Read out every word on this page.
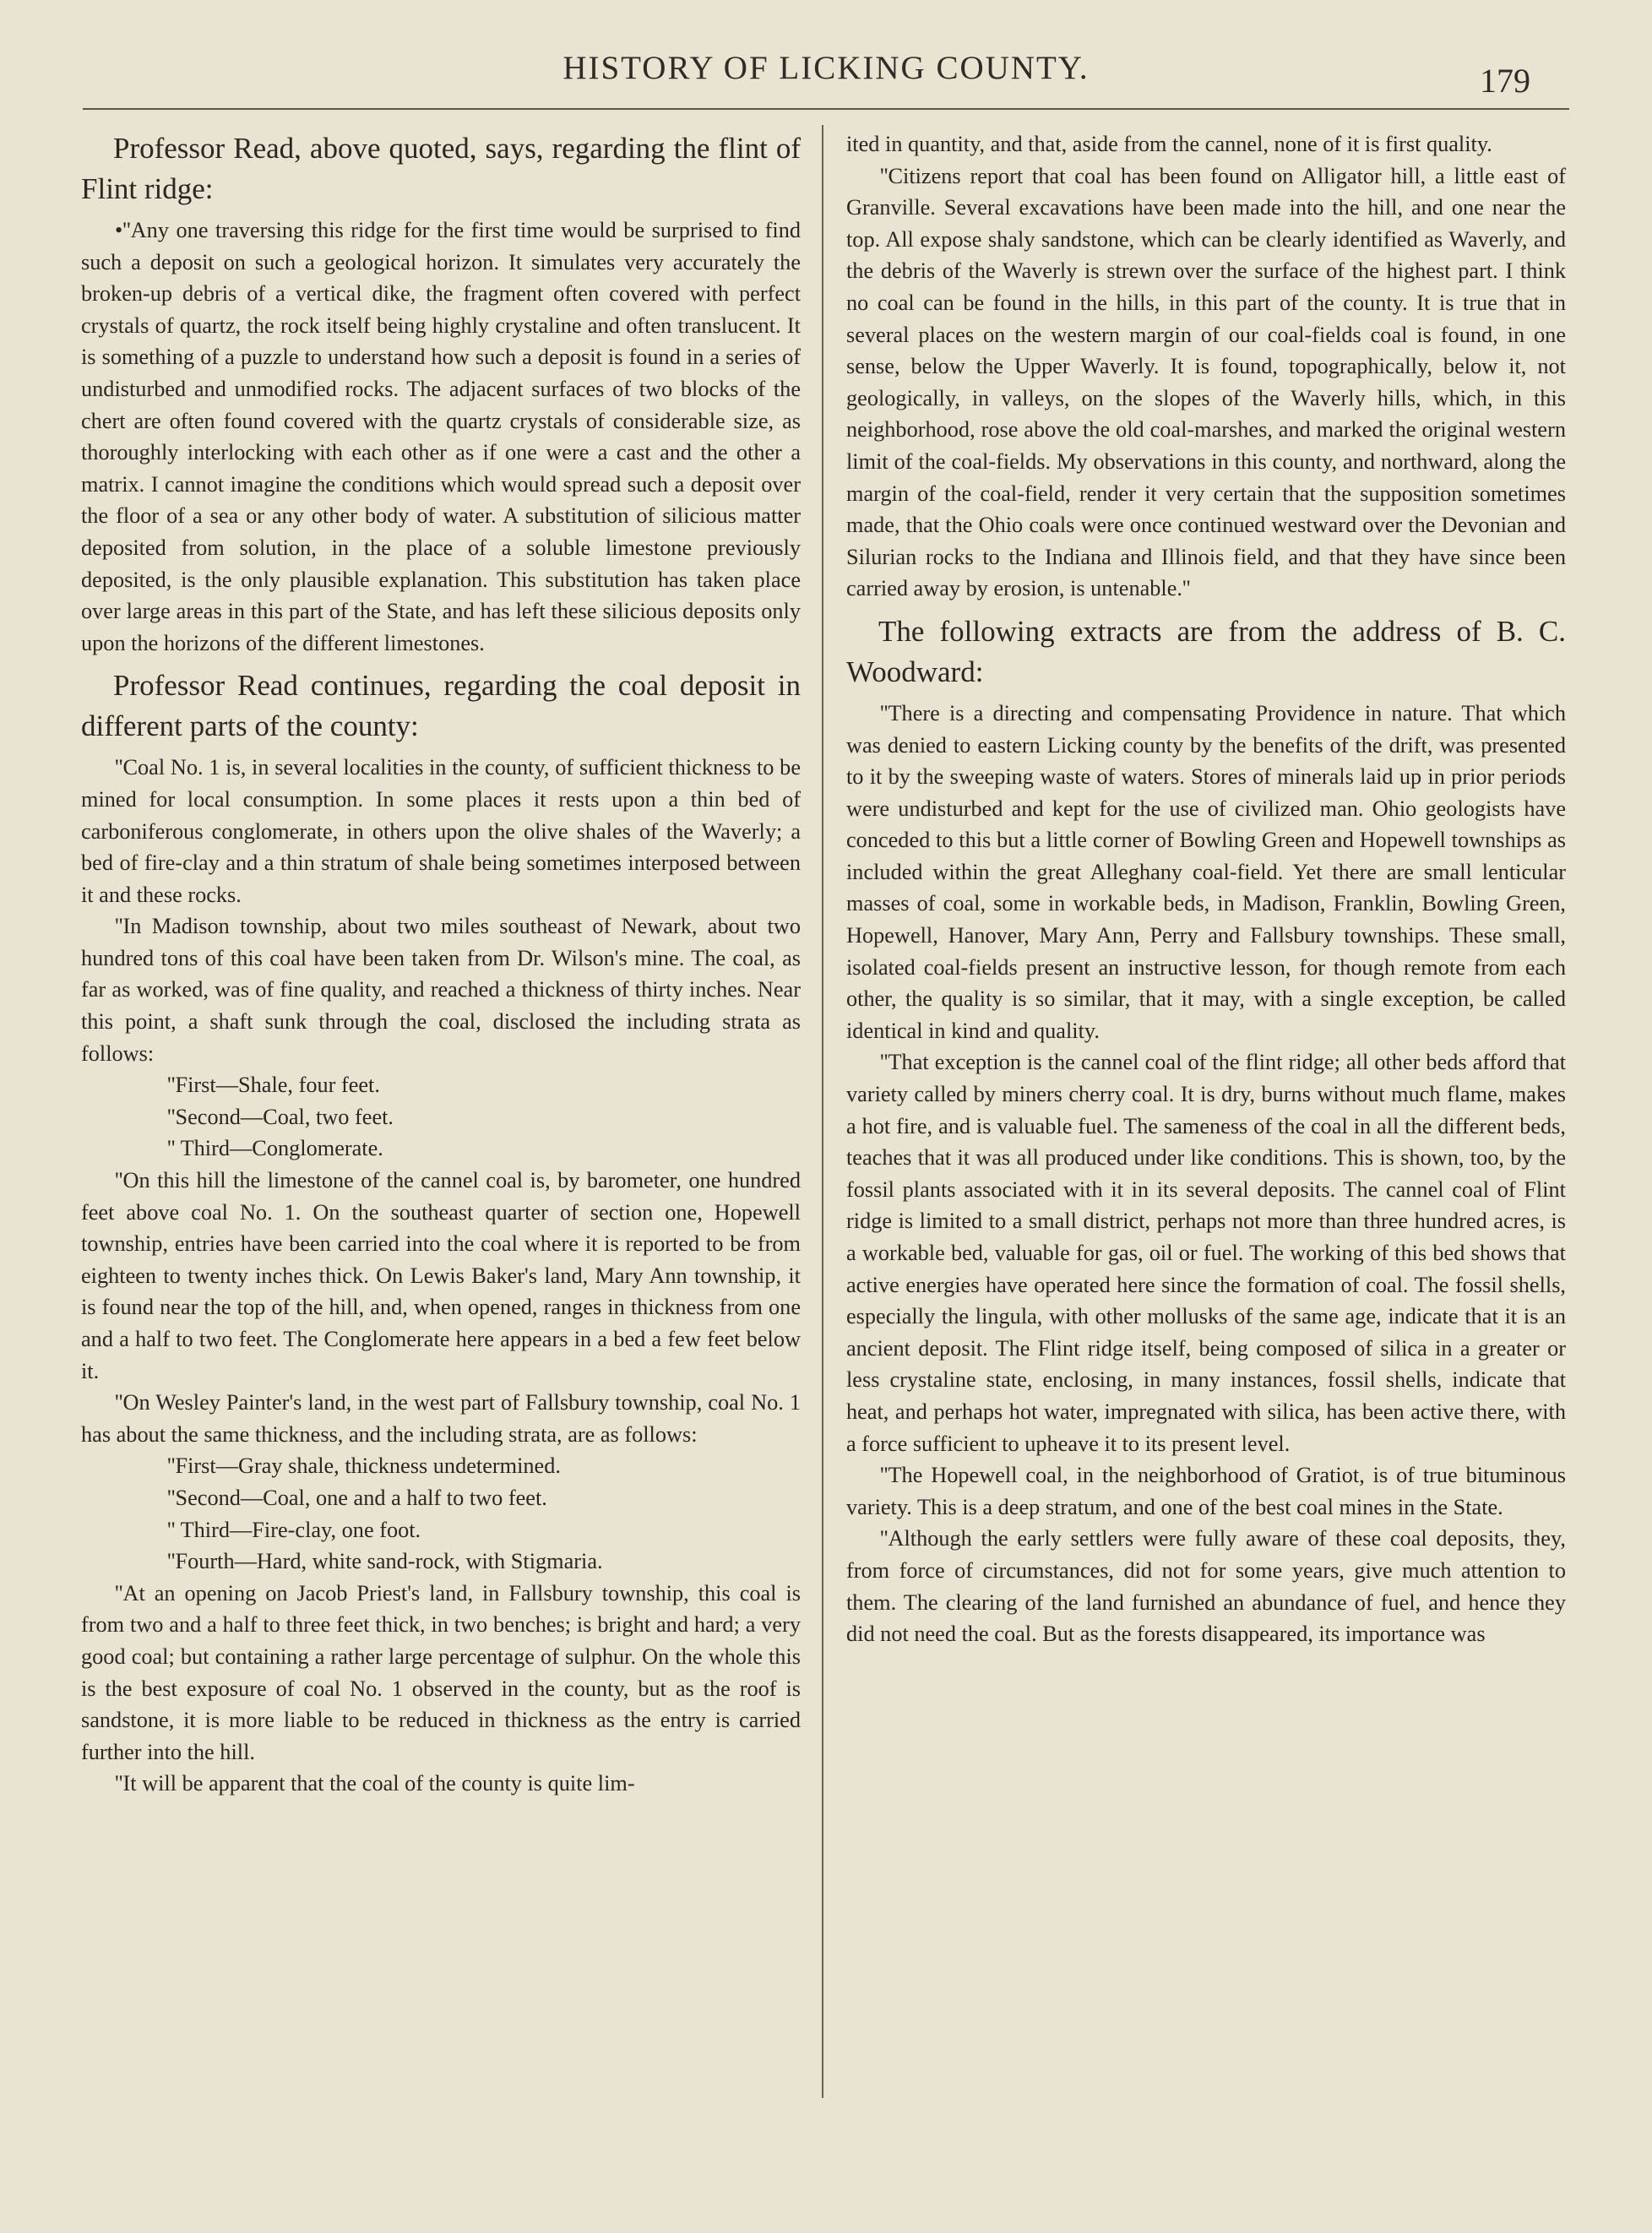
HISTORY OF LICKING COUNTY.	179
Professor Read, above quoted, says, regarding the flint of Flint ridge:

•''Any one traversing this ridge for the first time would be surprised to find such a deposit on such a geological horizon. It simulates very accurately the broken-up debris of a vertical dike, the fragment often covered with perfect crystals of quartz, the rock itself being highly crystaline and often translucent. It is something of a puzzle to understand how such a deposit is found in a series of undisturbed and unmodified rocks. The adjacent surfaces of two blocks of the chert are often found covered with the quartz crystals of considerable size, as thoroughly interlocking with each other as if one were a cast and the other a matrix. I cannot imagine the conditions which would spread such a deposit over the floor of a sea or any other body of water. A substitution of silicious matter deposited from solution, in the place of a soluble limestone previously deposited, is the only plausible explanation. This substitution has taken place over large areas in this part of the State, and has left these silicious deposits only upon the horizons of the different limestones.

Professor Read continues, regarding the coal deposit in different parts of the county:

''Coal No. 1 is, in several localities in the county, of sufficient thickness to be mined for local consumption. In some places it rests upon a thin bed of carboniferous conglomerate, in others upon the olive shales of the Waverly; a bed of fire-clay and a thin stratum of shale being sometimes interposed between it and these rocks.

''In Madison township, about two miles southeast of Newark, about two hundred tons of this coal have been taken from Dr. Wilson's mine. The coal, as far as worked, was of fine quality, and reached a thickness of thirty inches. Near this point, a shaft sunk through the coal, disclosed the including strata as follows:

''First—Shale, four feet.

''Second—Coal, two feet.

'' Third—Conglomerate.

''On this hill the limestone of the cannel coal is, by barometer, one hundred feet above coal No. 1. On the southeast quarter of section one, Hopewell township, entries have been carried into the coal where it is reported to be from eighteen to twenty inches thick. On Lewis Baker's land, Mary Ann township, it is found near the top of the hill, and, when opened, ranges in thickness from one and a half to two feet. The Conglomerate here appears in a bed a few feet below it.

''On Wesley Painter's land, in the west part of Fallsbury township, coal No. 1 has about the same thickness, and the including strata, are as follows:

''First—Gray shale, thickness undetermined.

''Second—Coal, one and a half to two feet.

'' Third—Fire-clay, one foot.

''Fourth—Hard, white sand-rock, with Stigmaria.

''At an opening on Jacob Priest's land, in Fallsbury township, this coal is from two and a half to three feet thick, in two benches; is bright and hard; a very good coal; but containing a rather large percentage of sulphur. On the whole this is the best exposure of coal No. 1 observed in the county, but as the roof is sandstone, it is more liable to be reduced in thickness as the entry is carried further into the hill.

''It will be apparent that the coal of the county is quite lim-

ited in quantity, and that, aside from the cannel, none of it is first quality.

''Citizens report that coal has been found on Alligator hill, a little east of Granville. Several excavations have been made into the hill, and one near the top. All expose shaly sandstone, which can be clearly identified as Waverly, and the debris of the Waverly is strewn over the surface of the highest part. I think no coal can be found in the hills, in this part of the county. It is true that in several places on the western margin of our coal-fields coal is found, in one sense, below the Upper Waverly. It is found, topographically, below it, not geologically, in valleys, on the slopes of the Waverly hills, which, in this neighborhood, rose above the old coal-marshes, and marked the original western limit of the coal-fields. My observations in this county, and northward, along the margin of the coal-field, render it very certain that the supposition sometimes made, that the Ohio coals were once continued westward over the Devonian and Silurian rocks to the Indiana and Illinois field, and that they have since been carried away by erosion, is untenable.''

The following extracts are from the address of B. C. Woodward:

''There is a directing and compensating Providence in nature. That which was denied to eastern Licking county by the benefits of the drift, was presented to it by the sweeping waste of waters. Stores of minerals laid up in prior periods were undisturbed and kept for the use of civilized man. Ohio geologists have conceded to this but a little corner of Bowling Green and Hopewell townships as included within the great Alleghany coal-field. Yet there are small lenticular masses of coal, some in workable beds, in Madison, Franklin, Bowling Green, Hopewell, Hanover, Mary Ann, Perry and Fallsbury townships. These small, isolated coal-fields present an instructive lesson, for though remote from each other, the quality is so similar, that it may, with a single exception, be called identical in kind and quality.

''That exception is the cannel coal of the flint ridge; all other beds afford that variety called by miners cherry coal. It is dry, burns without much flame, makes a hot fire, and is valuable fuel. The sameness of the coal in all the different beds, teaches that it was all produced under like conditions. This is shown, too, by the fossil plants associated with it in its several deposits. The cannel coal of Flint ridge is limited to a small district, perhaps not more than three hundred acres, is a workable bed, valuable for gas, oil or fuel. The working of this bed shows that active energies have operated here since the formation of coal. The fossil shells, especially the lingula, with other mollusks of the same age, indicate that it is an ancient deposit. The Flint ridge itself, being composed of silica in a greater or less crystaline state, enclosing, in many instances, fossil shells, indicate that heat, and perhaps hot water, impregnated with silica, has been active there, with a force sufficient to upheave it to its present level.

''The Hopewell coal, in the neighborhood of Gratiot, is of true bituminous variety. This is a deep stratum, and one of the best coal mines in the State.

''Although the early settlers were fully aware of these coal deposits, they, from force of circumstances, did not for some years, give much attention to them. The clearing of the land furnished an abundance of fuel, and hence they did not need the coal. But as the forests disappeared, its importance was
